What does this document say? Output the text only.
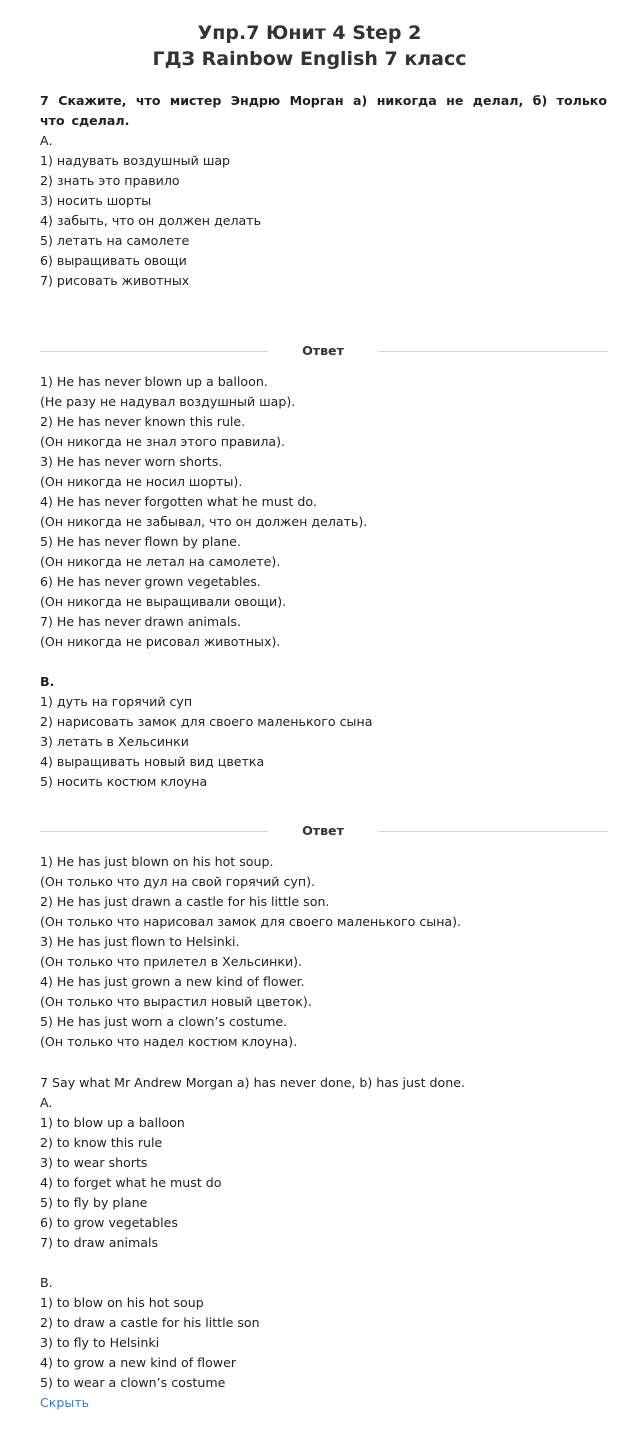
Упр.7 Юнит 4 Step 2
ГДЗ Rainbow English 7 класс
7 Скажите, что мистер Эндрю Морган а) никогда не делал, б) только что сделал.
А.
1) надувать воздушный шар
2) знать это правило
3) носить шорты
4) забыть, что он должен делать
5) летать на самолете
6) выращивать овощи
7) рисовать животных
Ответ
1) He has never blown up a balloon.
(Не разу не надувал воздушный шар).
2) He has never known this rule.
(Он никогда не знал этого правила).
3) He has never worn shorts.
(Он никогда не носил шорты).
4) He has never forgotten what he must do.
(Он никогда не забывал, что он должен делать).
5) He has never flown by plane.
(Он никогда не летал на самолете).
6) He has never grown vegetables.
(Он никогда не выращивали овощи).
7) He has never drawn animals.
(Он никогда не рисовал животных).
В.
1) дуть на горячий суп
2) нарисовать замок для своего маленького сына
3) летать в Хельсинки
4) выращивать новый вид цветка
5) носить костюм клоуна
Ответ
1) He has just blown on his hot soup.
(Он только что дул на свой горячий суп).
2) He has just drawn a castle for his little son.
(Он только что нарисовал замок для своего маленького сына).
3) He has just flown to Helsinki.
(Он только что прилетел в Хельсинки).
4) He has just grown a new kind of flower.
(Он только что вырастил новый цветок).
5) He has just worn a clown’s costume.
(Он только что надел костюм клоуна).
7 Say what Mr Andrew Morgan a) has never done, b) has just done.
A.
1) to blow up a balloon
2) to know this rule
3) to wear shorts
4) to forget what he must do
5) to fly by plane
6) to grow vegetables
7) to draw animals
B.
1) to blow on his hot soup
2) to draw a castle for his little son
3) to fly to Helsinki
4) to grow a new kind of flower
5) to wear a clown’s costume
Скрыть
